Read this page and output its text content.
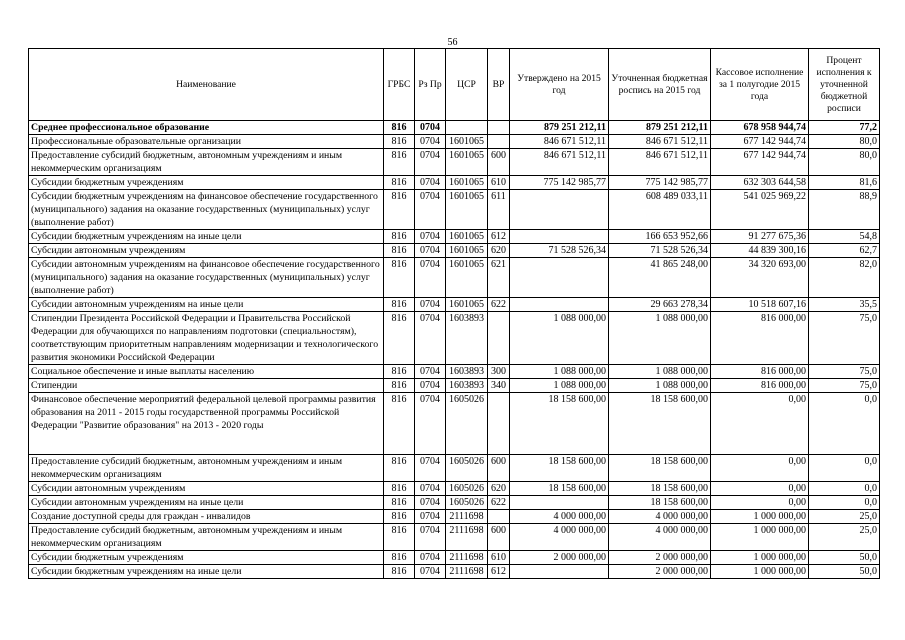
56
Наименование	ГРБС	Рз Пр	ЦСР	ВР	Утверждено на 2015 год	Уточненная бюджетная роспись на 2015 год	Кассовое исполнение за 1 полугодие 2015 года	Процент исполнения к уточненной бюджетной росписи
Среднее профессиональное образование	816	0704			879 251 212,11	879 251 212,11	678 958 944,74	77,2
Профессиональные образовательные организации	816	0704	1601065		846 671 512,11	846 671 512,11	677 142 944,74	80,0
Предоставление субсидий бюджетным, автономным учреждениям и иным некоммерческим организациям	816	0704	1601065	600	846 671 512,11	846 671 512,11	677 142 944,74	80,0
Субсидии бюджетным учреждениям	816	0704	1601065	610	775 142 985,77	775 142 985,77	632 303 644,58	81,6
Субсидии бюджетным учреждениям на финансовое обеспечение государственного (муниципального) задания на оказание государственных (муниципальных) услуг (выполнение работ)	816	0704	1601065	611		608 489 033,11	541 025 969,22	88,9
Субсидии бюджетным учреждениям на иные цели	816	0704	1601065	612		166 653 952,66	91 277 675,36	54,8
Субсидии автономным учреждениям	816	0704	1601065	620	71 528 526,34	71 528 526,34	44 839 300,16	62,7
Субсидии автономным учреждениям на финансовое обеспечение государственного (муниципального) задания на оказание государственных (муниципальных) услуг (выполнение работ)	816	0704	1601065	621		41 865 248,00	34 320 693,00	82,0
Субсидии автономным учреждениям на иные цели	816	0704	1601065	622		29 663 278,34	10 518 607,16	35,5
Стипендии Президента Российской Федерации и Правительства Российской Федерации для обучающихся по направлениям подготовки (специальностям), соответствующим приоритетным направлениям модернизации и технологического развития экономики Российской Федерации	816	0704	1603893		1 088 000,00	1 088 000,00	816 000,00	75,0
Социальное обеспечение и иные выплаты населению	816	0704	1603893	300	1 088 000,00	1 088 000,00	816 000,00	75,0
Стипендии	816	0704	1603893	340	1 088 000,00	1 088 000,00	816 000,00	75,0
Финансовое обеспечение мероприятий федеральной целевой программы развития образования на 2011 - 2015 годы государственной программы Российской Федерации "Развитие образования" на 2013 - 2020 годы	816	0704	1605026		18 158 600,00	18 158 600,00	0,00	0,0
Предоставление субсидий бюджетным, автономным учреждениям и иным некоммерческим организациям	816	0704	1605026	600	18 158 600,00	18 158 600,00	0,00	0,0
Субсидии автономным учреждениям	816	0704	1605026	620	18 158 600,00	18 158 600,00	0,00	0,0
Субсидии автономным учреждениям на иные цели	816	0704	1605026	622		18 158 600,00	0,00	0,0
Создание доступной среды для граждан - инвалидов	816	0704	2111698		4 000 000,00	4 000 000,00	1 000 000,00	25,0
Предоставление субсидий бюджетным, автономным учреждениям и иным некоммерческим организациям	816	0704	2111698	600	4 000 000,00	4 000 000,00	1 000 000,00	25,0
Субсидии бюджетным учреждениям	816	0704	2111698	610	2 000 000,00	2 000 000,00	1 000 000,00	50,0
Субсидии бюджетным учреждениям на иные цели	816	0704	2111698	612		2 000 000,00	1 000 000,00	50,0
